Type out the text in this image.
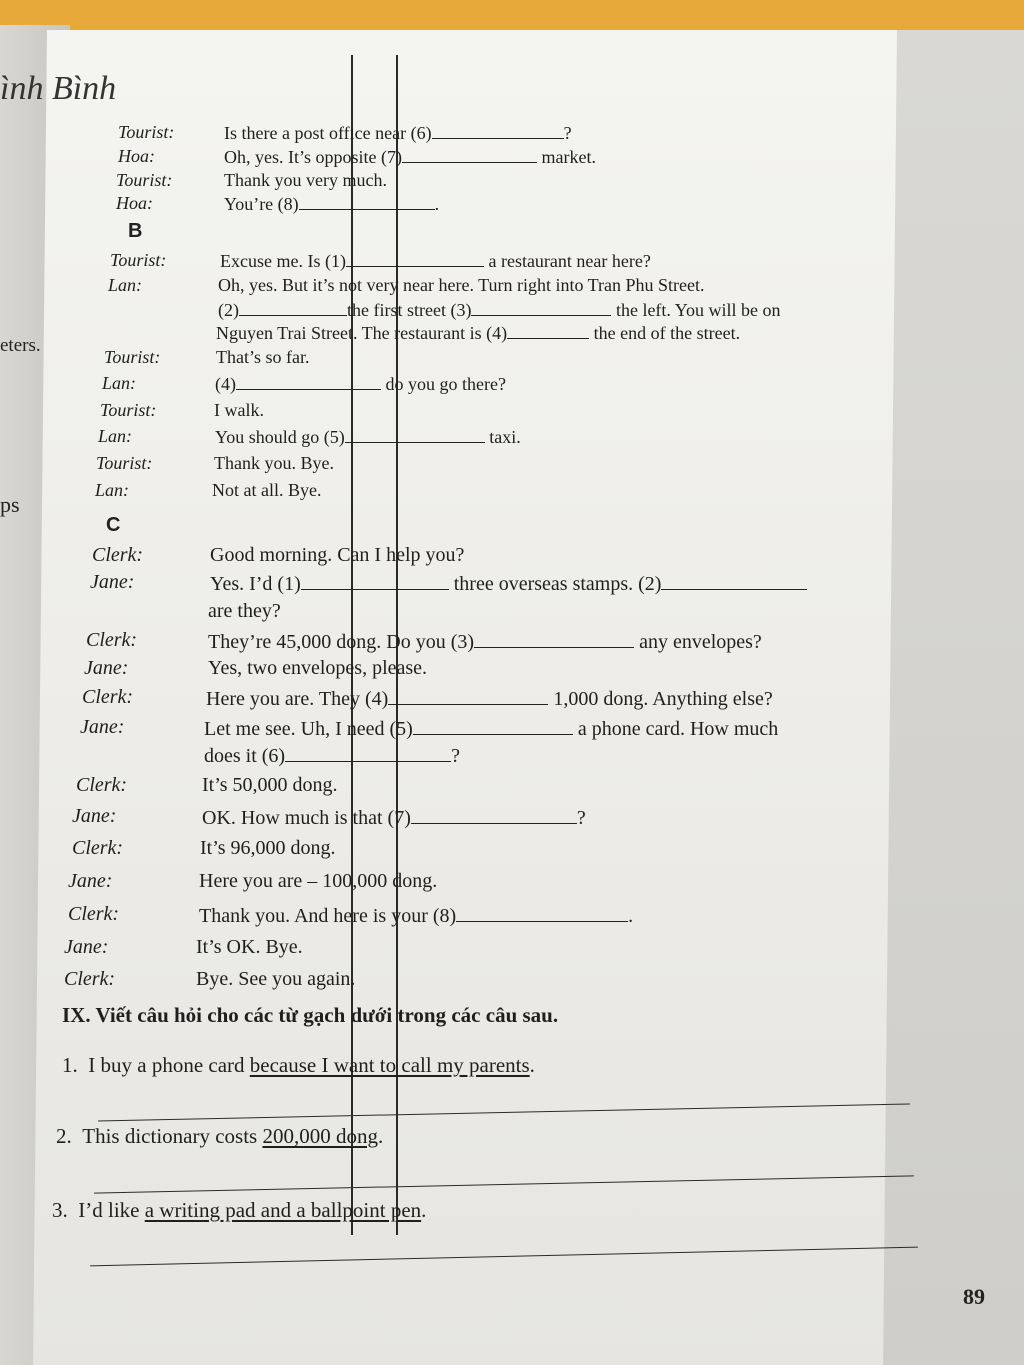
eters.
ps
ình Bình
Tourist:	Is there a post office near (6)	?
Hoa:	Oh, yes. It’s opposite (7)	market.
Tourist:	Thank you very much.
Hoa:	You’re (8)	.
B
Tourist:	Excuse me. Is (1)	a restaurant near here?
Lan:	Oh, yes. But it’s not very near here. Turn right into Tran Phu Street.
(2)	the first street (3)	the left. You will be on
Nguyen Trai Street. The restaurant is (4)	the end of the street.
Tourist:	That’s so far.
Lan:	(4)	do you go there?
Tourist:	I walk.
Lan:	You should go (5)	taxi.
Tourist:	Thank you. Bye.
Lan:	Not at all. Bye.
C
Clerk:	Good morning. Can I help you?
Jane:	Yes. I’d (1)	three overseas stamps. (2)
are they?
Clerk:	They’re 45,000 dong. Do you (3)	any envelopes?
Jane:	Yes, two envelopes, please.
Clerk:	Here you are. They (4)	1,000 dong. Anything else?
Jane:	Let me see. Uh, I need (5)	a phone card. How much
does it (6)	?
Clerk:	It’s 50,000 dong.
Jane:	OK. How much is that (7)	?
Clerk:	It’s 96,000 dong.
Jane:	Here you are – 100,000 dong.
Clerk:	Thank you. And here is your (8)	.
Jane:	It’s OK. Bye.
Clerk:	Bye. See you again.
IX. Viết câu hỏi cho các từ gạch dưới trong các câu sau.
1. I buy a phone card because I want to call my parents.
2. This dictionary costs 200,000 dong.
3. I’d like a writing pad and a ballpoint pen.
89
